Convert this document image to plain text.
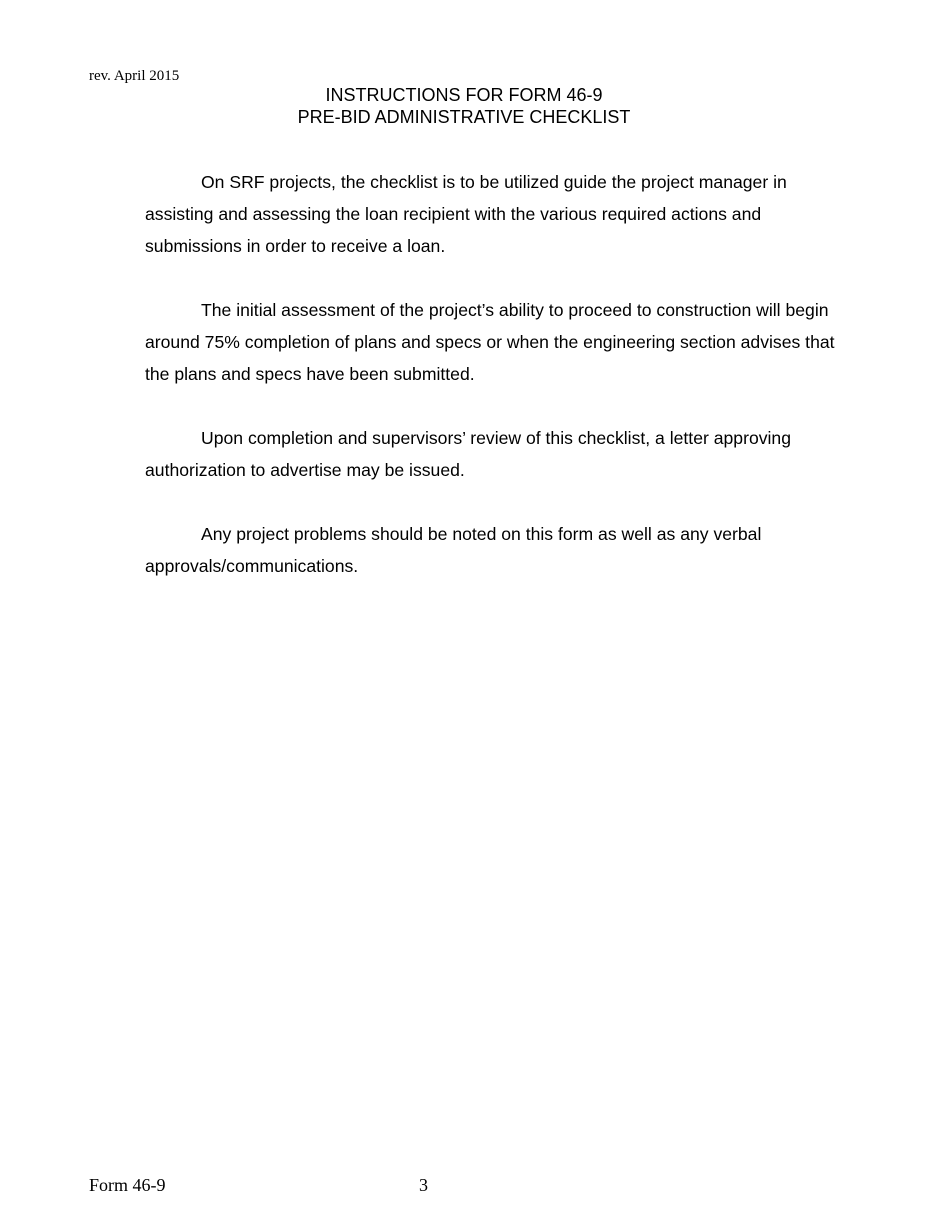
rev. April 2015
INSTRUCTIONS FOR FORM 46-9
PRE-BID ADMINISTRATIVE CHECKLIST

On SRF projects, the checklist is to be utilized guide the project manager in assisting and assessing the loan recipient with the various required actions and submissions in order to receive a loan.

The initial assessment of the project’s ability to proceed to construction will begin around 75% completion of plans and specs or when the engineering section advises that the plans and specs have been submitted.

Upon completion and supervisors’ review of this checklist, a letter approving authorization to advertise may be issued.

Any project problems should be noted on this form as well as any verbal approvals/communications.

Form 46-9	3
